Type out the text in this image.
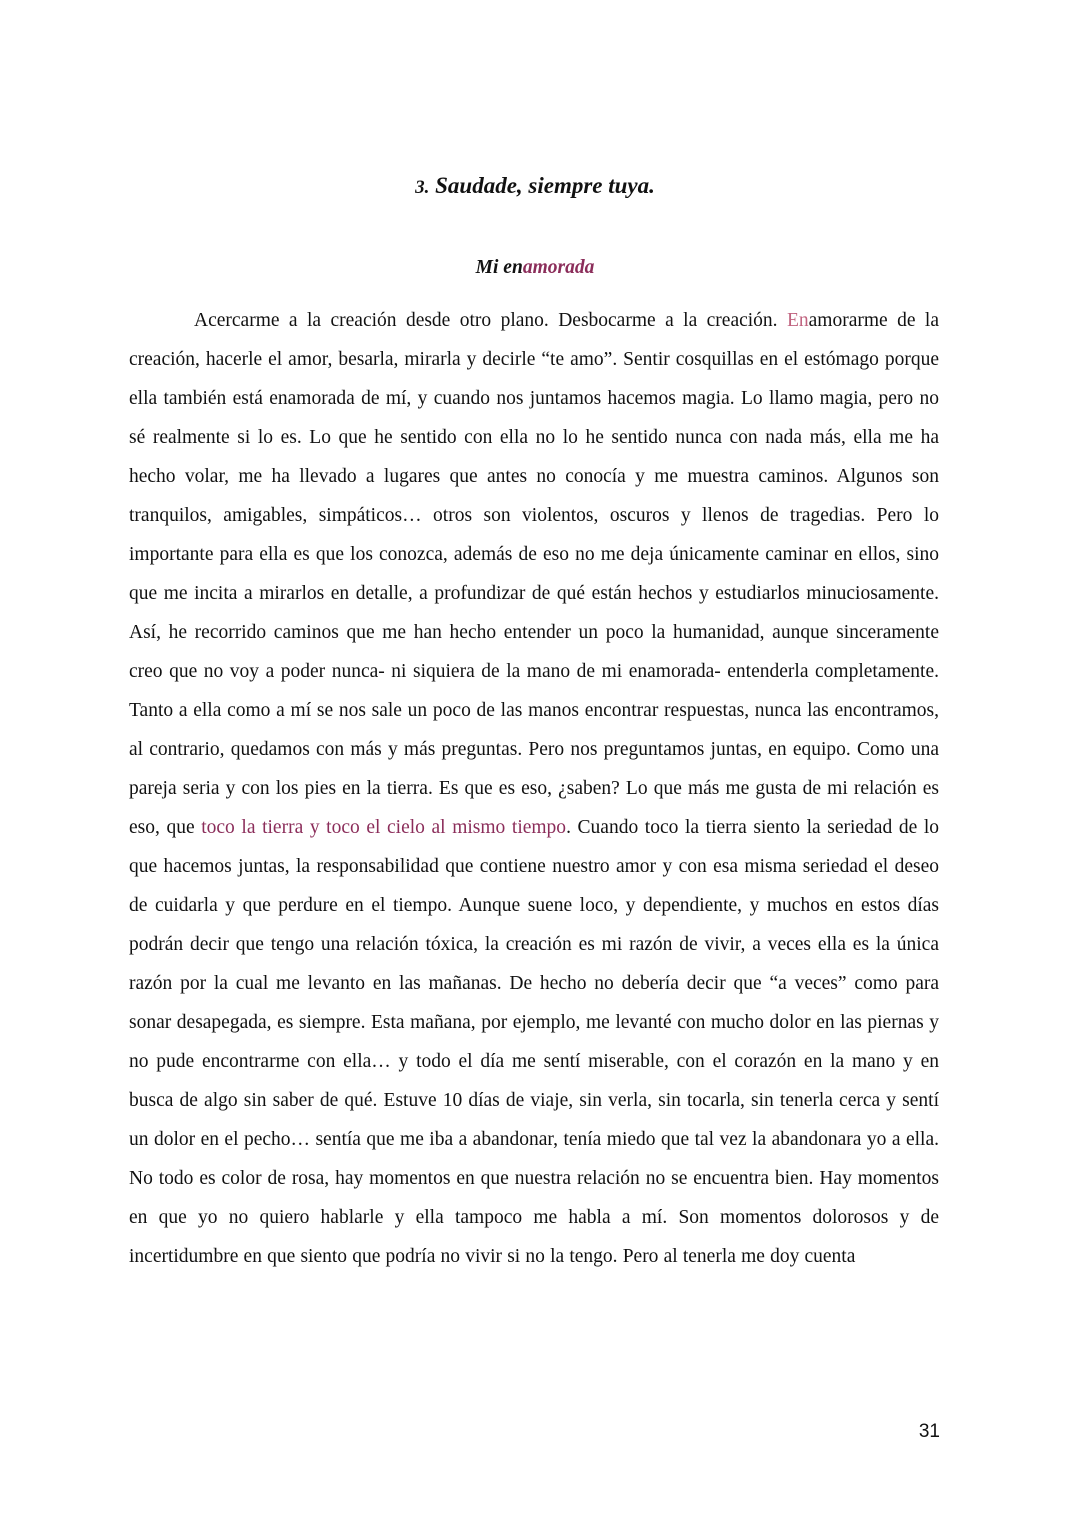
3. Saudade, siempre tuya.
Mi enamorada

Acercarme a la creación desde otro plano. Desbocarme a la creación. Enamorarme de la creación, hacerle el amor, besarla, mirarla y decirle “te amo”. Sentir cosquillas en el estómago porque ella también está enamorada de mí, y cuando nos juntamos hacemos magia. Lo llamo magia, pero no sé realmente si lo es. Lo que he sentido con ella no lo he sentido nunca con nada más, ella me ha hecho volar, me ha llevado a lugares que antes no conocía y me muestra caminos. Algunos son tranquilos, amigables, simpáticos… otros son violentos, oscuros y llenos de tragedias. Pero lo importante para ella es que los conozca, además de eso no me deja únicamente caminar en ellos, sino que me incita a mirarlos en detalle, a profundizar de qué están hechos y estudiarlos minuciosamente. Así, he recorrido caminos que me han hecho entender un poco la humanidad, aunque sinceramente creo que no voy a poder nunca- ni siquiera de la mano de mi enamorada- entenderla completamente. Tanto a ella como a mí se nos sale un poco de las manos encontrar respuestas, nunca las encontramos, al contrario, quedamos con más y más preguntas. Pero nos preguntamos juntas, en equipo. Como una pareja seria y con los pies en la tierra. Es que es eso, ¿saben? Lo que más me gusta de mi relación es eso, que toco la tierra y toco el cielo al mismo tiempo. Cuando toco la tierra siento la seriedad de lo que hacemos juntas, la responsabilidad que contiene nuestro amor y con esa misma seriedad el deseo de cuidarla y que perdure en el tiempo. Aunque suene loco, y dependiente, y muchos en estos días podrán decir que tengo una relación tóxica, la creación es mi razón de vivir, a veces ella es la única razón por la cual me levanto en las mañanas. De hecho no debería decir que “a veces” como para sonar desapegada, es siempre. Esta mañana, por ejemplo, me levanté con mucho dolor en las piernas y no pude encontrarme con ella… y todo el día me sentí miserable, con el corazón en la mano y en busca de algo sin saber de qué. Estuve 10 días de viaje, sin verla, sin tocarla, sin tenerla cerca y sentí un dolor en el pecho… sentía que me iba a abandonar, tenía miedo que tal vez la abandonara yo a ella. No todo es color de rosa, hay momentos en que nuestra relación no se encuentra bien. Hay momentos en que yo no quiero hablarle y ella tampoco me habla a mí. Son momentos dolorosos y de incertidumbre en que siento que podría no vivir si no la tengo. Pero al tenerla me doy cuenta

31
